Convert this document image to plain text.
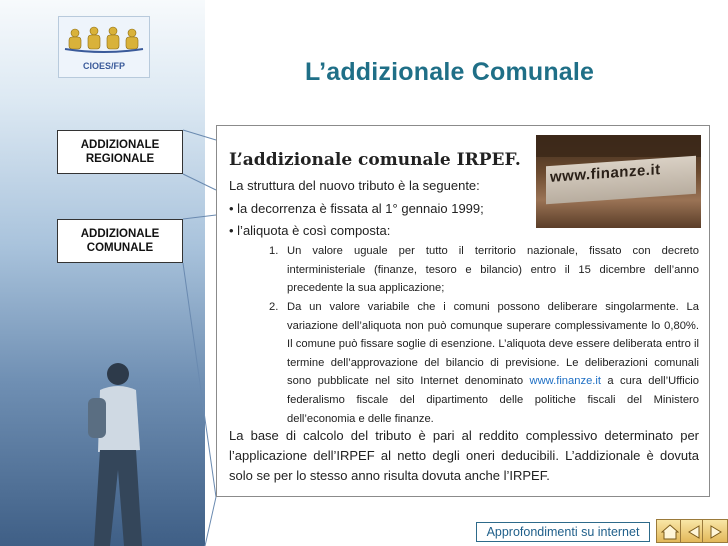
CIOES/FP
ADDIZIONALE REGIONALE
ADDIZIONALE COMUNALE
L’addizionale Comunale
www.finanze.it
L’addizionale comunale IRPEF.
La struttura del nuovo tributo è la seguente:
• la decorrenza è fissata al 1° gennaio 1999;
• l’aliquota è così composta:
1. Un valore uguale per tutto il territorio nazionale, fissato con decreto interministeriale (finanze, tesoro e bilancio) entro il 15 dicembre dell’anno precedente la sua applicazione;
2. Da un valore variabile che i comuni possono deliberare singolarmente. La variazione dell’aliquota non può comunque superare complessivamente lo 0,80%. Il comune può fissare soglie di esenzione. L’aliquota deve essere deliberata entro il termine dell’approvazione del bilancio di previsione. Le deliberazioni comunali sono pubblicate nel sito Internet denominato www.finanze.it a cura dell’Ufficio federalismo fiscale del dipartimento delle politiche fiscali del Ministero dell’economia e delle finanze.
La base di calcolo del tributo è pari al reddito complessivo determinato per l’applicazione dell’IRPEF al netto degli oneri deducibili. L’addizionale è dovuta solo se per lo stesso anno risulta dovuta anche l’IRPEF.
Approfondimenti su internet
